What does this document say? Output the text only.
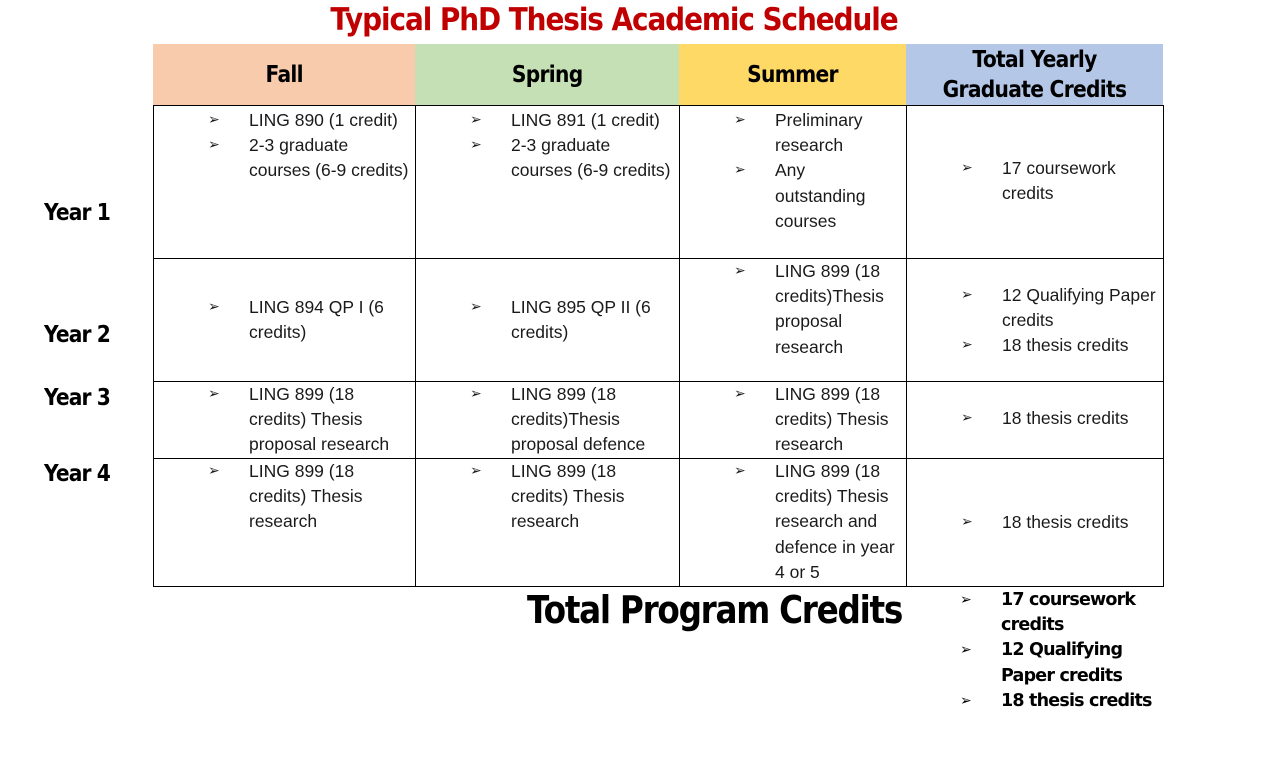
Typical PhD Thesis Academic Schedule
Year 1
Year 2
Year 3
Year 4
Fall	Spring	Summer
Total Yearly Graduate Credits
➢ LING 890 (1 credit)
➢ 2-3 graduate courses (6-9 credits)
➢ LING 891 (1 credit)
➢ 2-3 graduate courses (6-9 credits)
➢ Preliminary research
➢ Any outstanding courses
➢ 17 coursework credits
➢ LING 894 QP I (6 credits)
➢ LING 895 QP II (6 credits)
➢ LING 899 (18 credits)Thesis proposal research
➢ 12 Qualifying Paper credits
➢ 18 thesis credits
➢ LING 899 (18 credits) Thesis proposal research
➢ LING 899 (18 credits)Thesis proposal defence
➢ LING 899 (18 credits) Thesis research
➢ 18 thesis credits
➢ LING 899 (18 credits) Thesis research
➢ LING 899 (18 credits) Thesis research
➢ LING 899 (18 credits) Thesis research and defence in year 4 or 5
➢ 18 thesis credits
Total Program Credits
➢	17 coursework credits
➢ 12 Qualifying Paper credits
➢ 18 thesis credits
